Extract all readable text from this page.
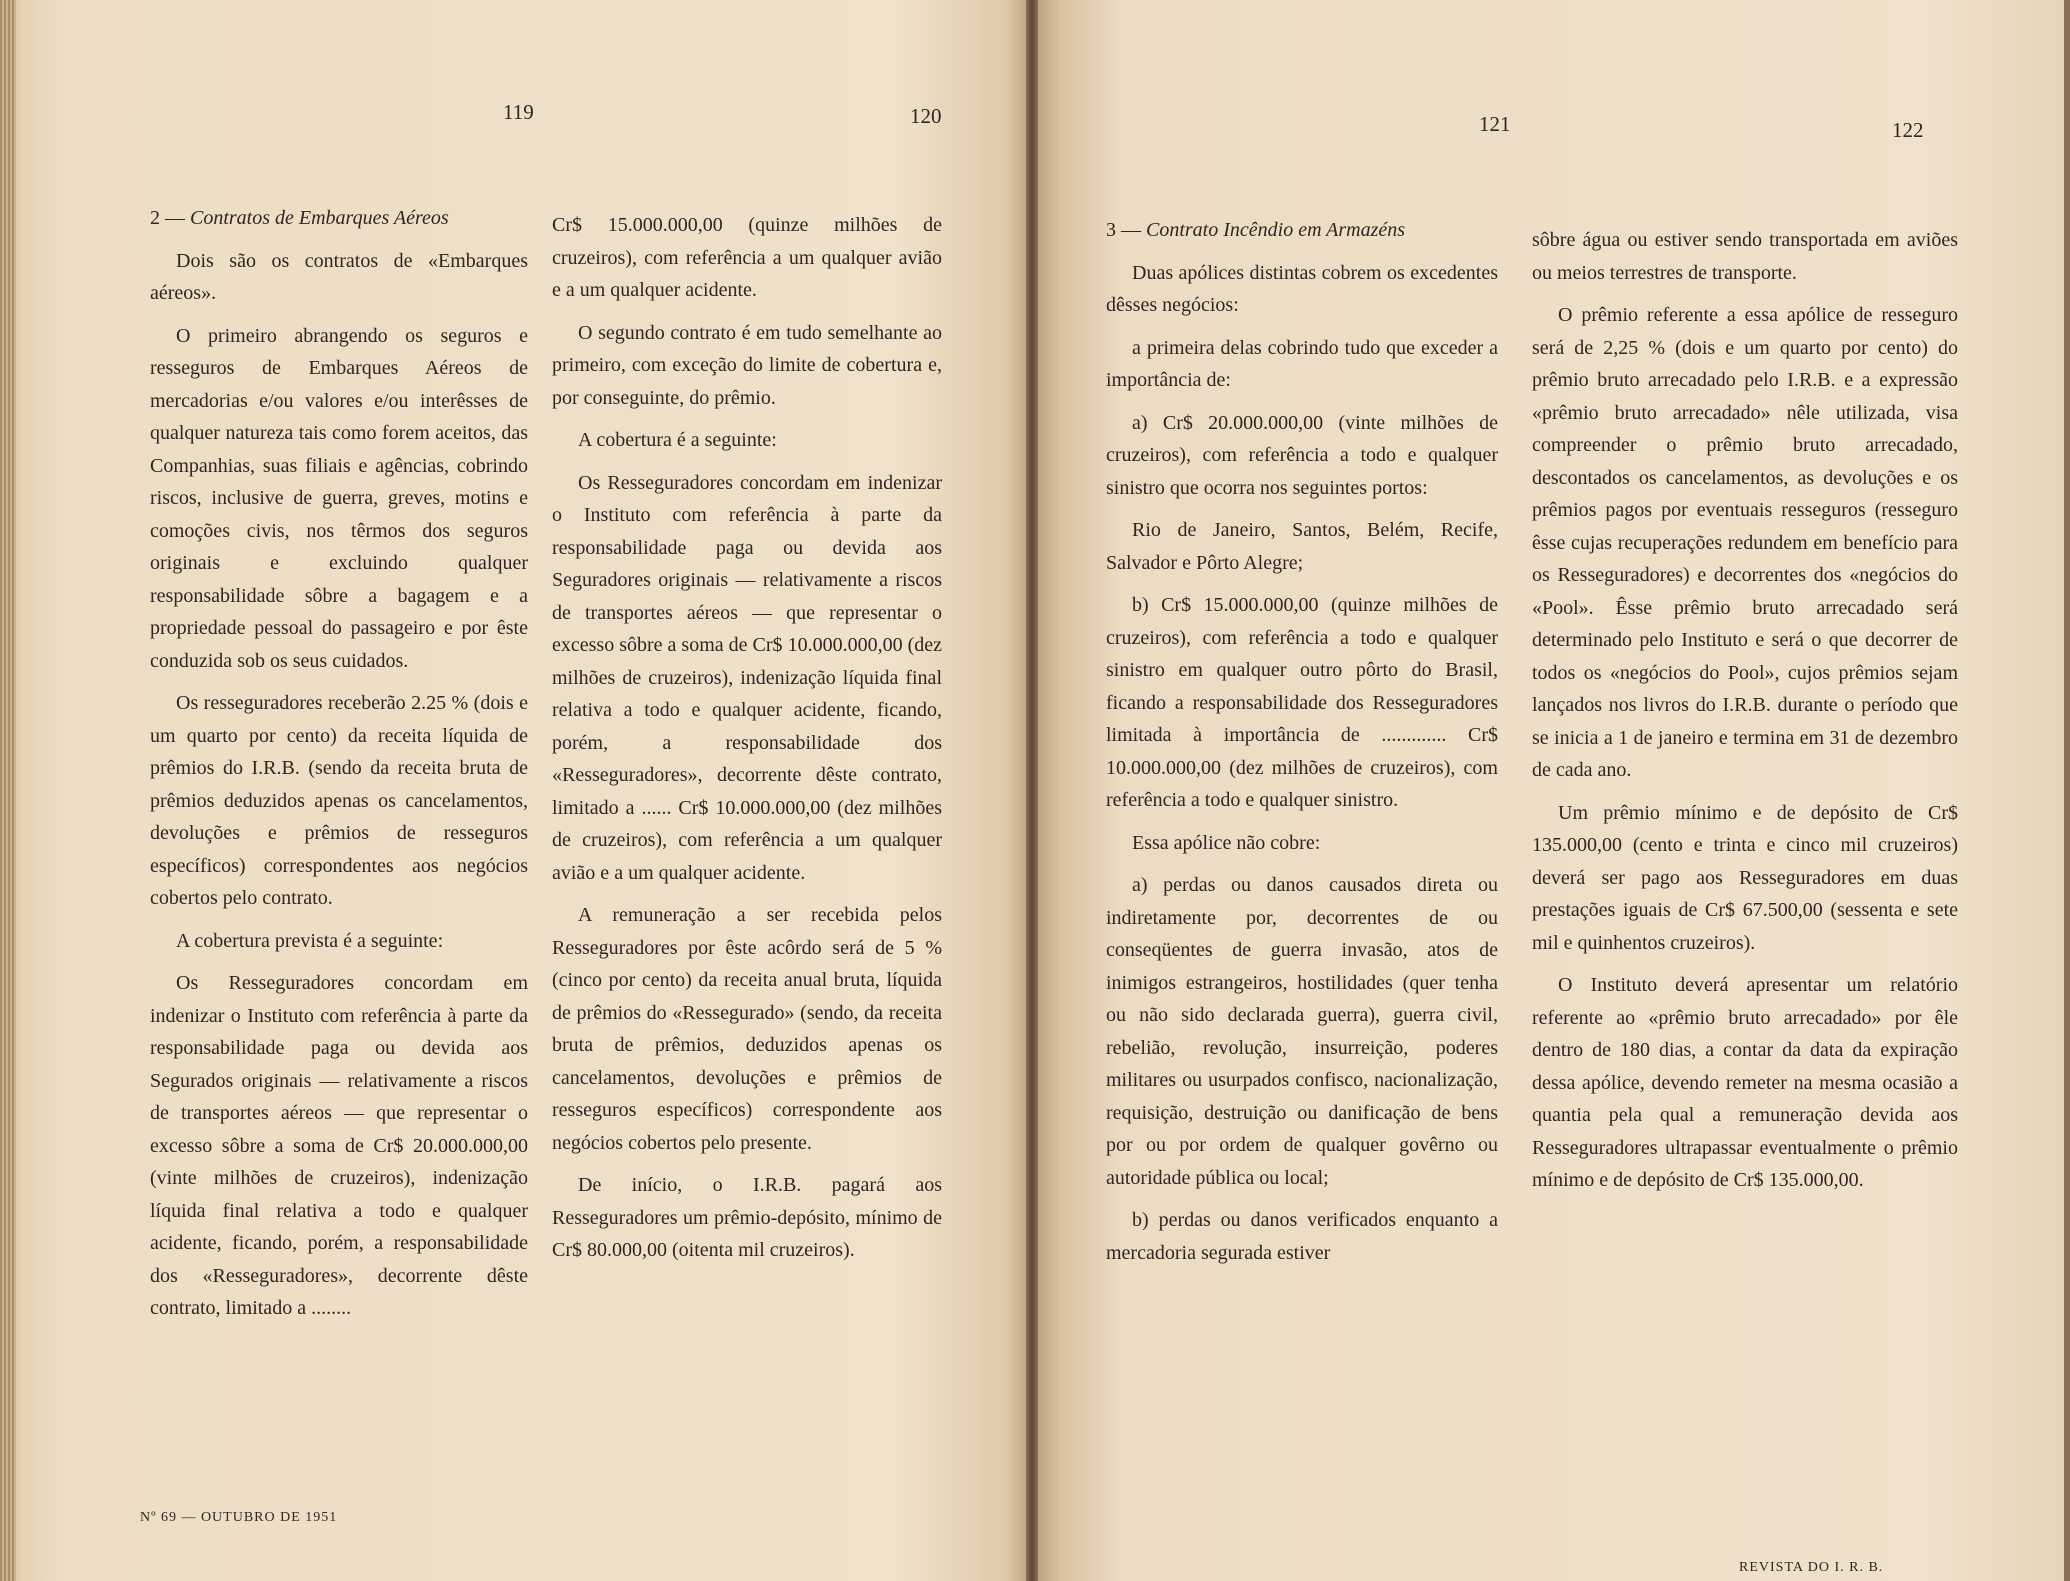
119	120
2 — Contratos de Embarques Aéreos

Dois são os contratos de «Embarques aéreos».

O primeiro abrangendo os seguros e resseguros de Embarques Aéreos de mercadorias e/ou valores e/ou interêsses de qualquer natureza tais como forem aceitos, das Companhias, suas filiais e agências, cobrindo riscos, inclusive de guerra, greves, motins e comoções civis, nos têrmos dos seguros originais e excluindo qualquer responsabilidade sôbre a bagagem e a propriedade pessoal do passageiro e por êste conduzida sob os seus cuidados.

Os resseguradores receberão 2.25 % (dois e um quarto por cento) da receita líquida de prêmios do I.R.B. (sendo da receita bruta de prêmios deduzidos apenas os cancelamentos, devoluções e prêmios de resseguros específicos) correspondentes aos negócios cobertos pelo contrato.

A cobertura prevista é a seguinte:

Os Resseguradores concordam em indenizar o Instituto com referência à parte da responsabilidade paga ou devida aos Segurados originais — relativamente a riscos de transportes aéreos — que representar o excesso sôbre a soma de Cr$ 20.000.000,00 (vinte milhões de cruzeiros), indenização líquida final relativa a todo e qualquer acidente, ficando, porém, a responsabilidade dos «Resseguradores», decorrente dêste contrato, limitado a ........

Cr$ 15.000.000,00 (quinze milhões de cruzeiros), com referência a um qualquer avião e a um qualquer acidente.

O segundo contrato é em tudo semelhante ao primeiro, com exceção do limite de cobertura e, por conseguinte, do prêmio.

A cobertura é a seguinte:

Os Resseguradores concordam em indenizar o Instituto com referência à parte da responsabilidade paga ou devida aos Seguradores originais — relativamente a riscos de transportes aéreos — que representar o excesso sôbre a soma de Cr$ 10.000.000,00 (dez milhões de cruzeiros), indenização líquida final relativa a todo e qualquer acidente, ficando, porém, a responsabilidade dos «Resseguradores», decorrente dêste contrato, limitado a ...... Cr$ 10.000.000,00 (dez milhões de cruzeiros), com referência a um qualquer avião e a um qualquer acidente.

A remuneração a ser recebida pelos Resseguradores por êste acôrdo será de 5 % (cinco por cento) da receita anual bruta, líquida de prêmios do «Ressegurado» (sendo, da receita bruta de prêmios, deduzidos apenas os cancelamentos, devoluções e prêmios de resseguros específicos) correspondente aos negócios cobertos pelo presente.

De início, o I.R.B. pagará aos Resseguradores um prêmio-depósito, mínimo de Cr$ 80.000,00 (oitenta mil cruzeiros).

Nº 69 — OUTUBRO DE 1951
121	122
3 — Contrato Incêndio em Armazéns

Duas apólices distintas cobrem os excedentes dêsses negócios:

a primeira delas cobrindo tudo que exceder a importância de:

a) Cr$ 20.000.000,00 (vinte milhões de cruzeiros), com referência a todo e qualquer sinistro que ocorra nos seguintes portos:

Rio de Janeiro, Santos, Belém, Recife, Salvador e Pôrto Alegre;

b) Cr$ 15.000.000,00 (quinze milhões de cruzeiros), com referência a todo e qualquer sinistro em qualquer outro pôrto do Brasil, ficando a responsabilidade dos Resseguradores limitada à importância de ............. Cr$ 10.000.000,00 (dez milhões de cruzeiros), com referência a todo e qualquer sinistro.

Essa apólice não cobre:

a) perdas ou danos causados direta ou indiretamente por, decorrentes de ou conseqüentes de guerra invasão, atos de inimigos estrangeiros, hostilidades (quer tenha ou não sido declarada guerra), guerra civil, rebelião, revolução, insurreição, poderes militares ou usurpados confisco, nacionalização, requisição, destruição ou danificação de bens por ou por ordem de qualquer govêrno ou autoridade pública ou local;

b) perdas ou danos verificados enquanto a mercadoria segurada estiver

sôbre água ou estiver sendo transportada em aviões ou meios terrestres de transporte.

O prêmio referente a essa apólice de resseguro será de 2,25 % (dois e um quarto por cento) do prêmio bruto arrecadado pelo I.R.B. e a expressão «prêmio bruto arrecadado» nêle utilizada, visa compreender o prêmio bruto arrecadado, descontados os cancelamentos, as devoluções e os prêmios pagos por eventuais resseguros (resseguro êsse cujas recuperações redundem em benefício para os Resseguradores) e decorrentes dos «negócios do «Pool». Êsse prêmio bruto arrecadado será determinado pelo Instituto e será o que decorrer de todos os «negócios do Pool», cujos prêmios sejam lançados nos livros do I.R.B. durante o período que se inicia a 1 de janeiro e termina em 31 de dezembro de cada ano.

Um prêmio mínimo e de depósito de Cr$ 135.000,00 (cento e trinta e cinco mil cruzeiros) deverá ser pago aos Resseguradores em duas prestações iguais de Cr$ 67.500,00 (sessenta e sete mil e quinhentos cruzeiros).

O Instituto deverá apresentar um relatório referente ao «prêmio bruto arrecadado» por êle dentro de 180 dias, a contar da data da expiração dessa apólice, devendo remeter na mesma ocasião a quantia pela qual a remuneração devida aos Resseguradores ultrapassar eventualmente o prêmio mínimo e de depósito de Cr$ 135.000,00.

REVISTA DO I. R. B.
